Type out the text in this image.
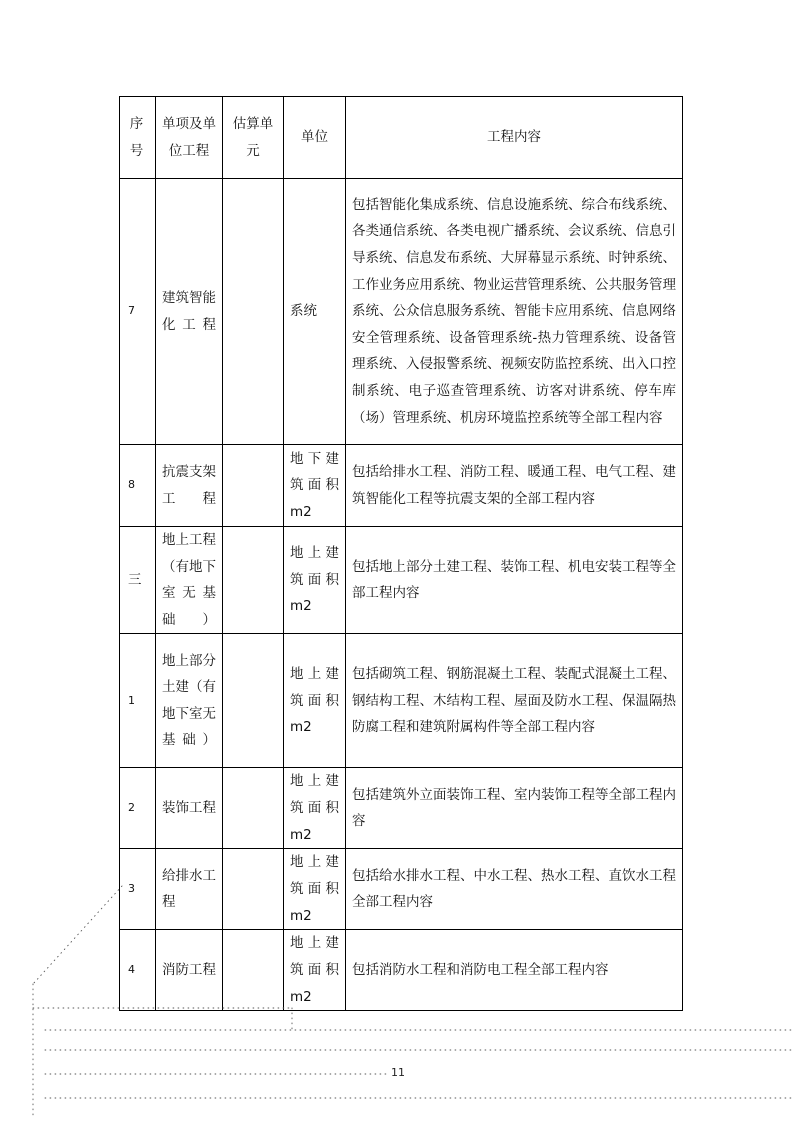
序号	单项及单位工程	估算单元	单位	工程内容
7	建筑智能化工程		系统	包括智能化集成系统、信息设施系统、综合布线系统、各类通信系统、各类电视广播系统、会议系统、信息引导系统、信息发布系统、大屏幕显示系统、时钟系统、工作业务应用系统、物业运营管理系统、公共服务管理系统、公众信息服务系统、智能卡应用系统、信息网络安全管理系统、设备管理系统-热力管理系统、设备管理系统、入侵报警系统、视频安防监控系统、出入口控制系统、电子巡查管理系统、访客对讲系统、停车库（场）管理系统、机房环境监控系统等全部工程内容
8	抗震支架工程		地下建筑面积m2	包括给排水工程、消防工程、暖通工程、电气工程、建筑智能化工程等抗震支架的全部工程内容
三	地上工程（有地下室无基础）		地上建筑面积m2	包括地上部分土建工程、装饰工程、机电安装工程等全部工程内容
1	地上部分土建（有地下室无基础）		地上建筑面积m2	包括砌筑工程、钢筋混凝土工程、装配式混凝土工程、钢结构工程、木结构工程、屋面及防水工程、保温隔热防腐工程和建筑附属构件等全部工程内容
2	装饰工程		地上建筑面积m2	包括建筑外立面装饰工程、室内装饰工程等全部工程内容
3	给排水工程		地上建筑面积m2	包括给水排水工程、中水工程、热水工程、直饮水工程全部工程内容
4	消防工程		地上建筑面积m2	包括消防水工程和消防电工程全部工程内容
11
